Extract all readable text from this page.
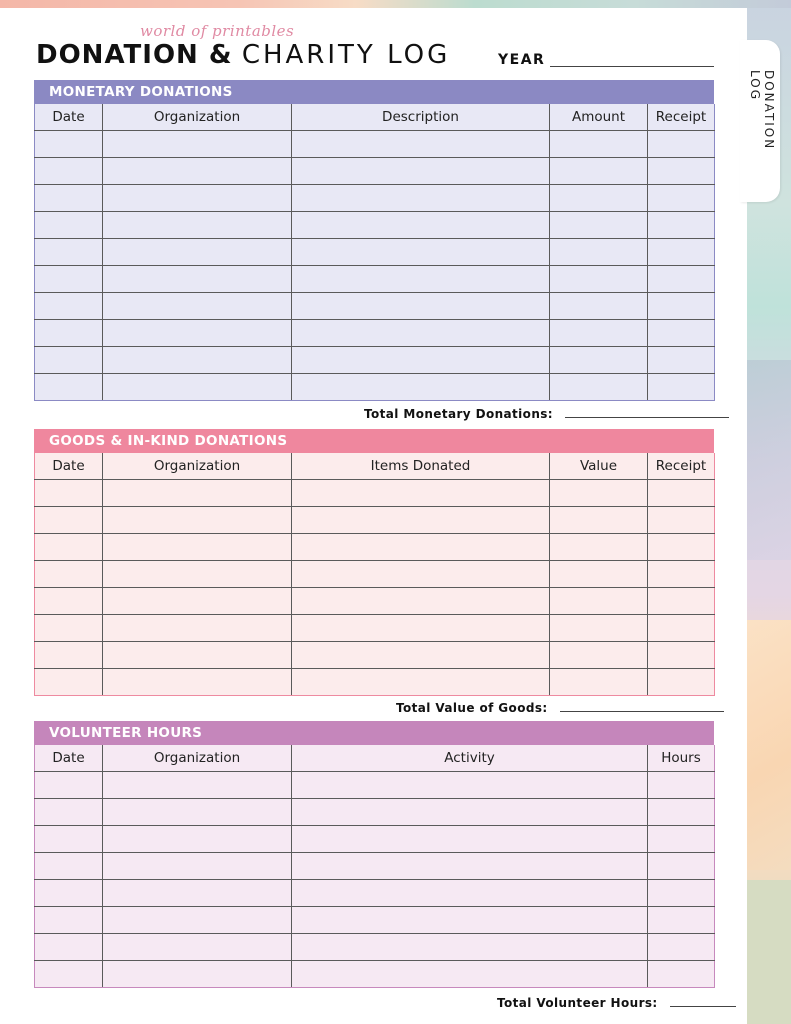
DONATION LOG
world of printables
DONATION & CHARITY LOG	YEAR
MONETARY DONATIONS
Date	Organization	Description	Amount	Receipt

Total Monetary Donations:
GOODS & IN-KIND DONATIONS
Date	Organization	Items Donated	Value	Receipt

Total Value of Goods:
VOLUNTEER HOURS
Date	Organization	Activity	Hours

Total Volunteer Hours:
